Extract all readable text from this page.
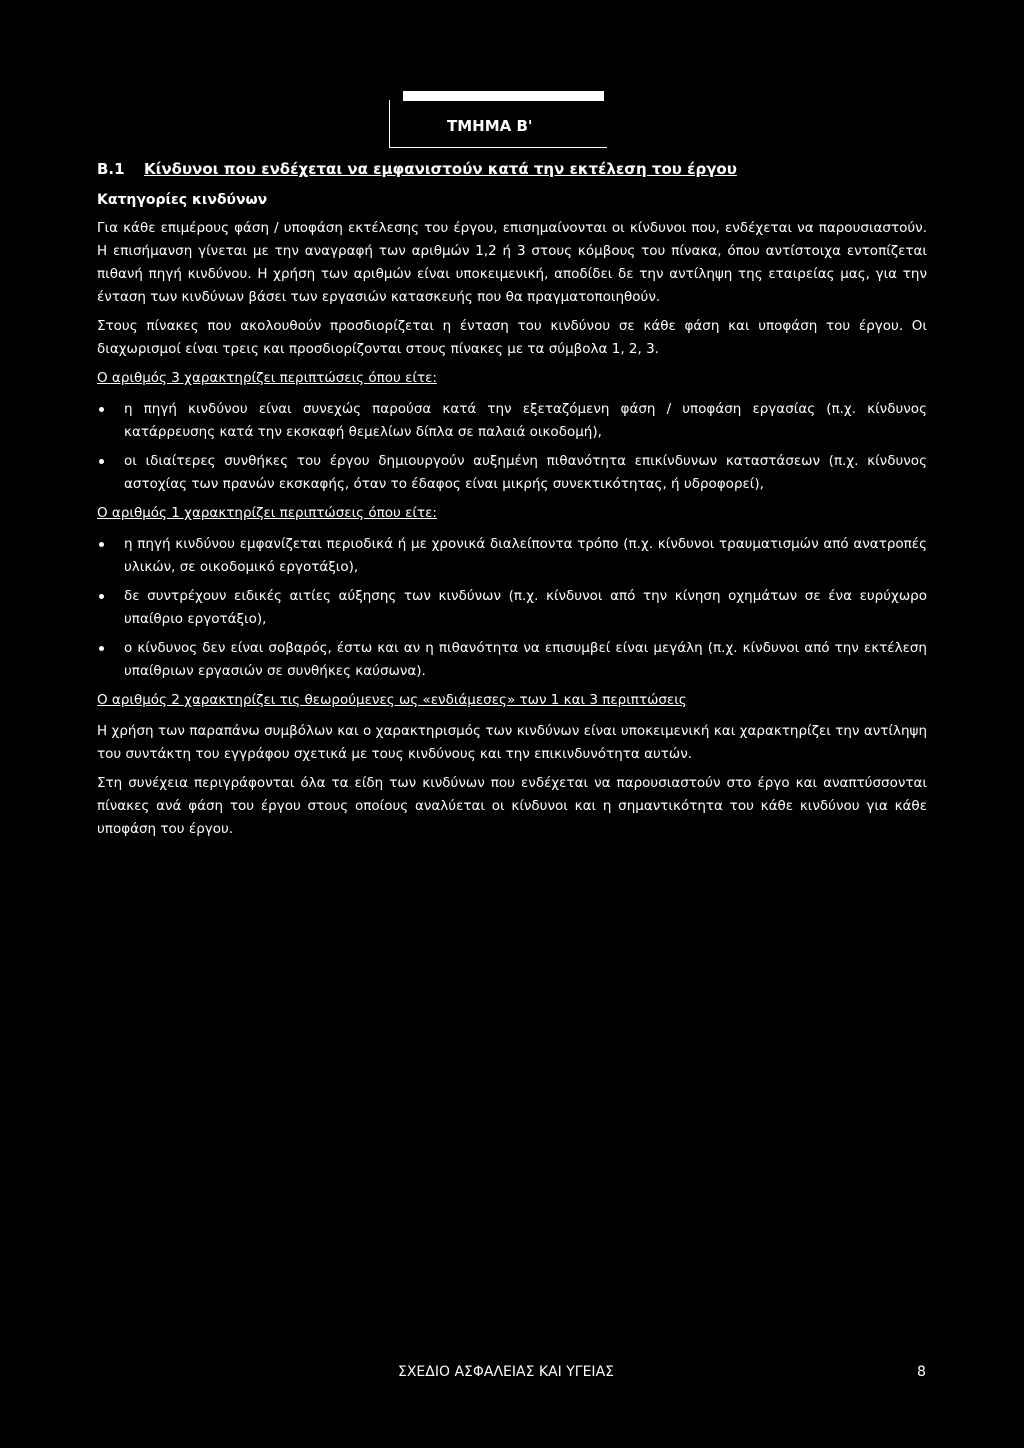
ΤΜΗΜΑ Β'
Β.1	Κίνδυνοι που ενδέχεται να εμφανιστούν κατά την εκτέλεση του έργου
Κατηγορίες κινδύνων

Για κάθε επιμέρους φάση / υποφάση εκτέλεσης του έργου, επισημαίνονται οι κίνδυνοι που, ενδέχεται να παρουσιαστούν. Η επισήμανση γίνεται με την αναγραφή των αριθμών 1,2 ή 3 στους κόμβους του πίνακα, όπου αντίστοιχα εντοπίζεται πιθανή πηγή κινδύνου. Η χρήση των αριθμών είναι υποκειμενική, αποδίδει δε την αντίληψη της εταιρείας μας, για την ένταση των κινδύνων βάσει των εργασιών κατασκευής που θα πραγματοποιηθούν.

Στους πίνακες που ακολουθούν προσδιορίζεται η ένταση του κινδύνου σε κάθε φάση και υποφάση του έργου. Οι διαχωρισμοί είναι τρεις και προσδιορίζονται στους πίνακες με τα σύμβολα 1, 2, 3.

Ο αριθμός 3 χαρακτηρίζει περιπτώσεις όπου είτε:
η πηγή κινδύνου είναι συνεχώς παρούσα κατά την εξεταζόμενη φάση / υποφάση εργασίας (π.χ. κίνδυνος κατάρρευσης κατά την εκσκαφή θεμελίων δίπλα σε παλαιά οικοδομή),
οι ιδιαίτερες συνθήκες του έργου δημιουργούν αυξημένη πιθανότητα επικίνδυνων καταστάσεων (π.χ. κίνδυνος αστοχίας των πρανών εκσκαφής, όταν το έδαφος είναι μικρής συνεκτικότητας, ή υδροφορεί),
Ο αριθμός 1 χαρακτηρίζει περιπτώσεις όπου είτε:
η πηγή κινδύνου εμφανίζεται περιοδικά ή με χρονικά διαλείποντα τρόπο (π.χ. κίνδυνοι τραυματισμών από ανατροπές υλικών, σε οικοδομικό εργοτάξιο),
δε συντρέχουν ειδικές αιτίες αύξησης των κινδύνων (π.χ. κίνδυνοι από την κίνηση οχημάτων σε ένα ευρύχωρο υπαίθριο εργοτάξιο),
ο κίνδυνος δεν είναι σοβαρός, έστω και αν η πιθανότητα να επισυμβεί είναι μεγάλη (π.χ. κίνδυνοι από την εκτέλεση υπαίθριων εργασιών σε συνθήκες καύσωνα).
Ο αριθμός 2 χαρακτηρίζει τις θεωρούμενες ως «ενδιάμεσες» των 1 και 3 περιπτώσεις

Η χρήση των παραπάνω συμβόλων και ο χαρακτηρισμός των κινδύνων είναι υποκειμενική και χαρακτηρίζει την αντίληψη του συντάκτη του εγγράφου σχετικά με τους κινδύνους και την επικινδυνότητα αυτών.

Στη συνέχεια περιγράφονται όλα τα είδη των κινδύνων που ενδέχεται να παρουσιαστούν στο έργο και αναπτύσσονται πίνακες ανά φάση του έργου στους οποίους αναλύεται οι κίνδυνοι και η σημαντικότητα του κάθε κινδύνου για κάθε υποφάση του έργου.

ΣΧΕΔΙΟ ΑΣΦΑΛΕΙΑΣ ΚΑΙ ΥΓΕΙΑΣ	8
